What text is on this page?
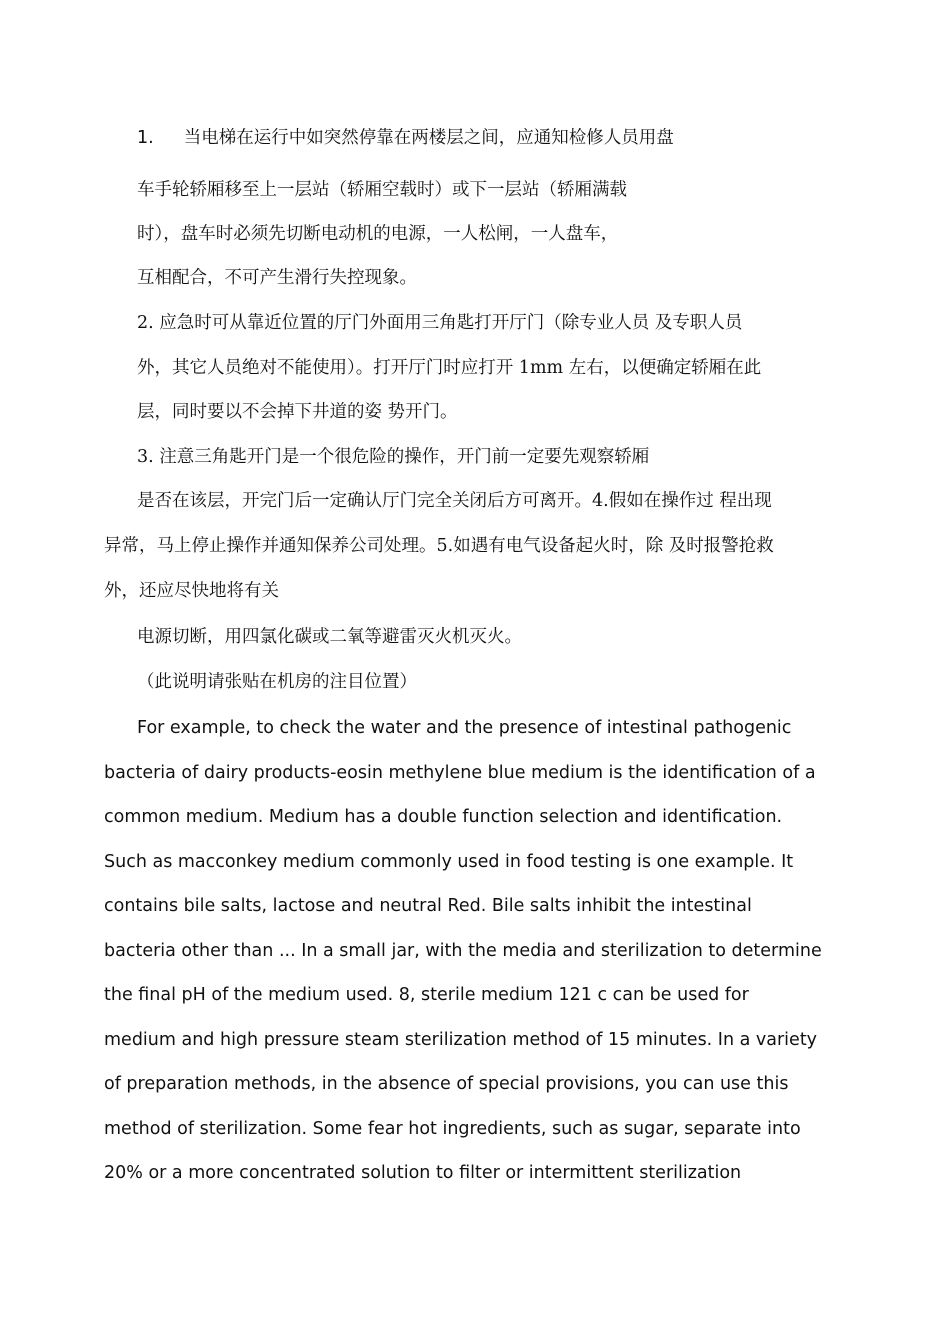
1. 当电梯在运行中如突然停靠在两楼层之间，应通知检修人员用盘
车手轮轿厢移至上一层站（轿厢空载时）或下一层站（轿厢满载
时），盘车时必须先切断电动机的电源，一人松闸，一人盘车，
互相配合，不可产生滑行失控现象。
2. 应急时可从靠近位置的厅门外面用三角匙打开厅门（除专业人员 及专职人员
外，其它人员绝对不能使用）。打开厅门时应打开 1mm 左右，以便确定轿厢在此
层，同时要以不会掉下井道的姿 势开门。
3. 注意三角匙开门是一个很危险的操作，开门前一定要先观察轿厢
是否在该层，开完门后一定确认厅门完全关闭后方可离开。4.假如在操作过 程出现
异常，马上停止操作并通知保养公司处理。5.如遇有电气设备起火时，除 及时报警抢救
外，还应尽快地将有关
电源切断，用四氯化碳或二氧等避雷灭火机灭火。
（此说明请张贴在机房的注目位置）
For example, to check the water and the presence of intestinal pathogenic
bacteria of dairy products-eosin methylene blue medium is the identification of a
common medium. Medium has a double function selection and identification.
Such as macconkey medium commonly used in food testing is one example. It
contains bile salts, lactose and neutral Red. Bile salts inhibit the intestinal
bacteria other than ... In a small jar, with the media and sterilization to determine
the final pH of the medium used. 8, sterile medium 121 c can be used for
medium and high pressure steam sterilization method of 15 minutes. In a variety
of preparation methods, in the absence of special provisions, you can use this
method of sterilization. Some fear hot ingredients, such as sugar, separate into
20% or a more concentrated solution to filter or intermittent sterilization
